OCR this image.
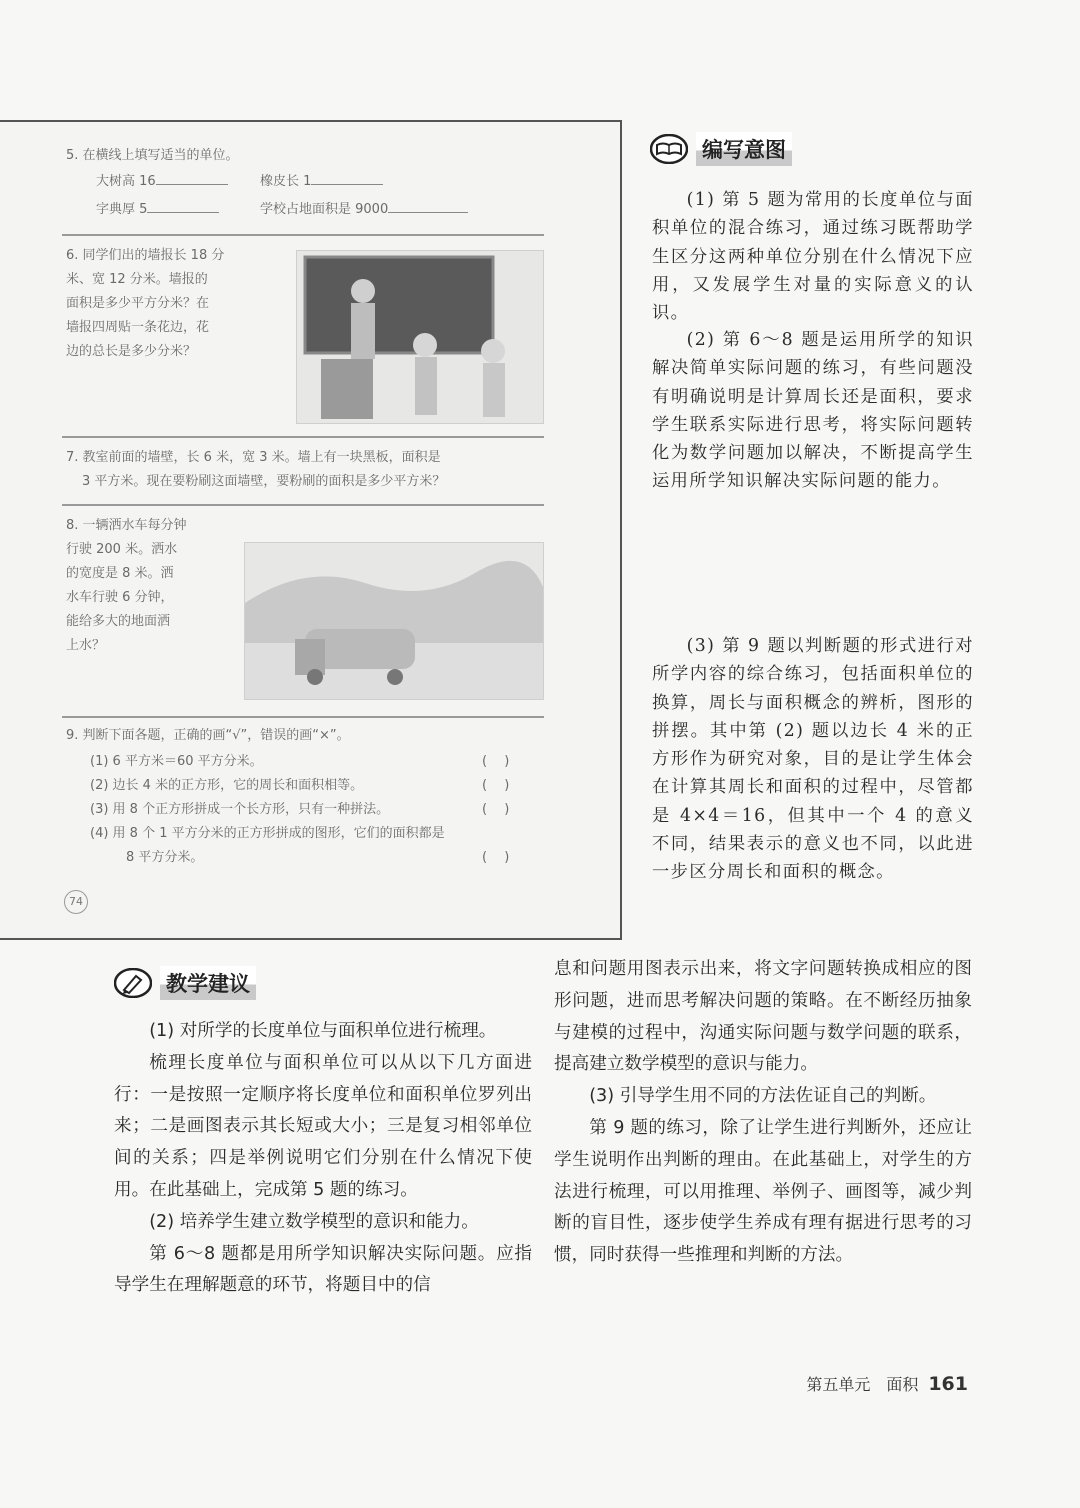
5. 在横线上填写适当的单位。
大树高 16	橡皮长 1
字典厚 5	学校占地面积是 9000
6. 同学们出的墙报长 18 分
米、宽 12 分米。墙报的
面积是多少平方分米？在
墙报四周贴一条花边，花
边的总长是多少分米？
7. 教室前面的墙壁，长 6 米，宽 3 米。墙上有一块黑板，面积是
3 平方米。现在要粉刷这面墙壁，要粉刷的面积是多少平方米？
8. 一辆洒水车每分钟
行驶 200 米。洒水
的宽度是 8 米。洒
水车行驶 6 分钟，
能给多大的地面洒
上水？
9. 判断下面各题，正确的画“√”，错误的画“×”。
(1) 6 平方米＝60 平方分米。
(2) 边长 4 米的正方形，它的周长和面积相等。
(3) 用 8 个正方形拼成一个长方形，只有一种拼法。
(4) 用 8 个 1 平方分米的正方形拼成的图形，它们的面积都是
8 平方分米。
(　 )
(　 )
(　 )
(　 )
74
编写意图

(1) 第 5 题为常用的长度单位与面积单位的混合练习，通过练习既帮助学生区分这两种单位分别在什么情况下应用，又发展学生对量的实际意义的认识。

(2) 第 6～8 题是运用所学的知识解决简单实际问题的练习，有些问题没有明确说明是计算周长还是面积，要求学生联系实际进行思考，将实际问题转化为数学问题加以解决，不断提高学生运用所学知识解决实际问题的能力。

(3) 第 9 题以判断题的形式进行对所学内容的综合练习，包括面积单位的换算，周长与面积概念的辨析，图形的拼摆。其中第 (2) 题以边长 4 米的正方形作为研究对象，目的是让学生体会在计算其周长和面积的过程中，尽管都是 4×4＝16，但其中一个 4 的意义不同，结果表示的意义也不同，以此进一步区分周长和面积的概念。

教学建议

(1) 对所学的长度单位与面积单位进行梳理。

梳理长度单位与面积单位可以从以下几方面进行：一是按照一定顺序将长度单位和面积单位罗列出来；二是画图表示其长短或大小；三是复习相邻单位间的关系；四是举例说明它们分别在什么情况下使用。在此基础上，完成第 5 题的练习。

(2) 培养学生建立数学模型的意识和能力。

第 6～8 题都是用所学知识解决实际问题。应指导学生在理解题意的环节，将题目中的信

息和问题用图表示出来，将文字问题转换成相应的图形问题，进而思考解决问题的策略。在不断经历抽象与建模的过程中，沟通实际问题与数学问题的联系，提高建立数学模型的意识与能力。

(3) 引导学生用不同的方法佐证自己的判断。

第 9 题的练习，除了让学生进行判断外，还应让学生说明作出判断的理由。在此基础上，对学生的方法进行梳理，可以用推理、举例子、画图等，减少判断的盲目性，逐步使学生养成有理有据进行思考的习惯，同时获得一些推理和判断的方法。

第五单元　面积 161
